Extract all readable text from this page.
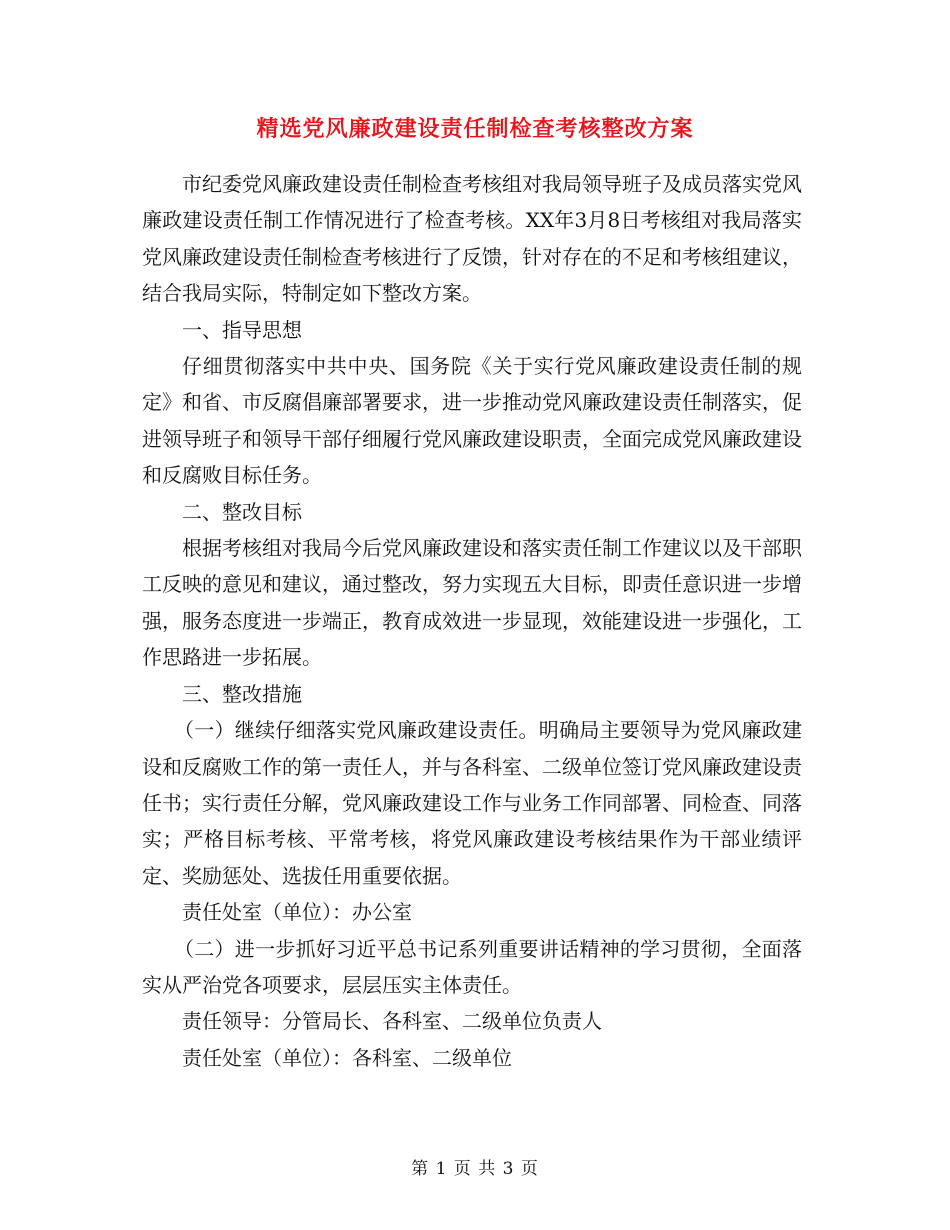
精选党风廉政建设责任制检查考核整改方案

市纪委党风廉政建设责任制检查考核组对我局领导班子及成员落实党风廉政建设责任制工作情况进行了检查考核。XX年3月8日考核组对我局落实党风廉政建设责任制检查考核进行了反馈，针对存在的不足和考核组建议，结合我局实际，特制定如下整改方案。

一、指导思想

仔细贯彻落实中共中央、国务院《关于实行党风廉政建设责任制的规定》和省、市反腐倡廉部署要求，进一步推动党风廉政建设责任制落实，促进领导班子和领导干部仔细履行党风廉政建设职责，全面完成党风廉政建设和反腐败目标任务。

二、整改目标

根据考核组对我局今后党风廉政建设和落实责任制工作建议以及干部职工反映的意见和建议，通过整改，努力实现五大目标，即责任意识进一步增强，服务态度进一步端正，教育成效进一步显现，效能建设进一步强化，工作思路进一步拓展。

三、整改措施

（一）继续仔细落实党风廉政建设责任。明确局主要领导为党风廉政建设和反腐败工作的第一责任人，并与各科室、二级单位签订党风廉政建设责任书；实行责任分解，党风廉政建设工作与业务工作同部署、同检查、同落实；严格目标考核、平常考核，将党风廉政建设考核结果作为干部业绩评定、奖励惩处、选拔任用重要依据。

责任处室（单位）：办公室

（二）进一步抓好习近平总书记系列重要讲话精神的学习贯彻，全面落实从严治党各项要求，层层压实主体责任。

责任领导：分管局长、各科室、二级单位负责人

责任处室（单位）：各科室、二级单位

第 1 页 共 3 页
